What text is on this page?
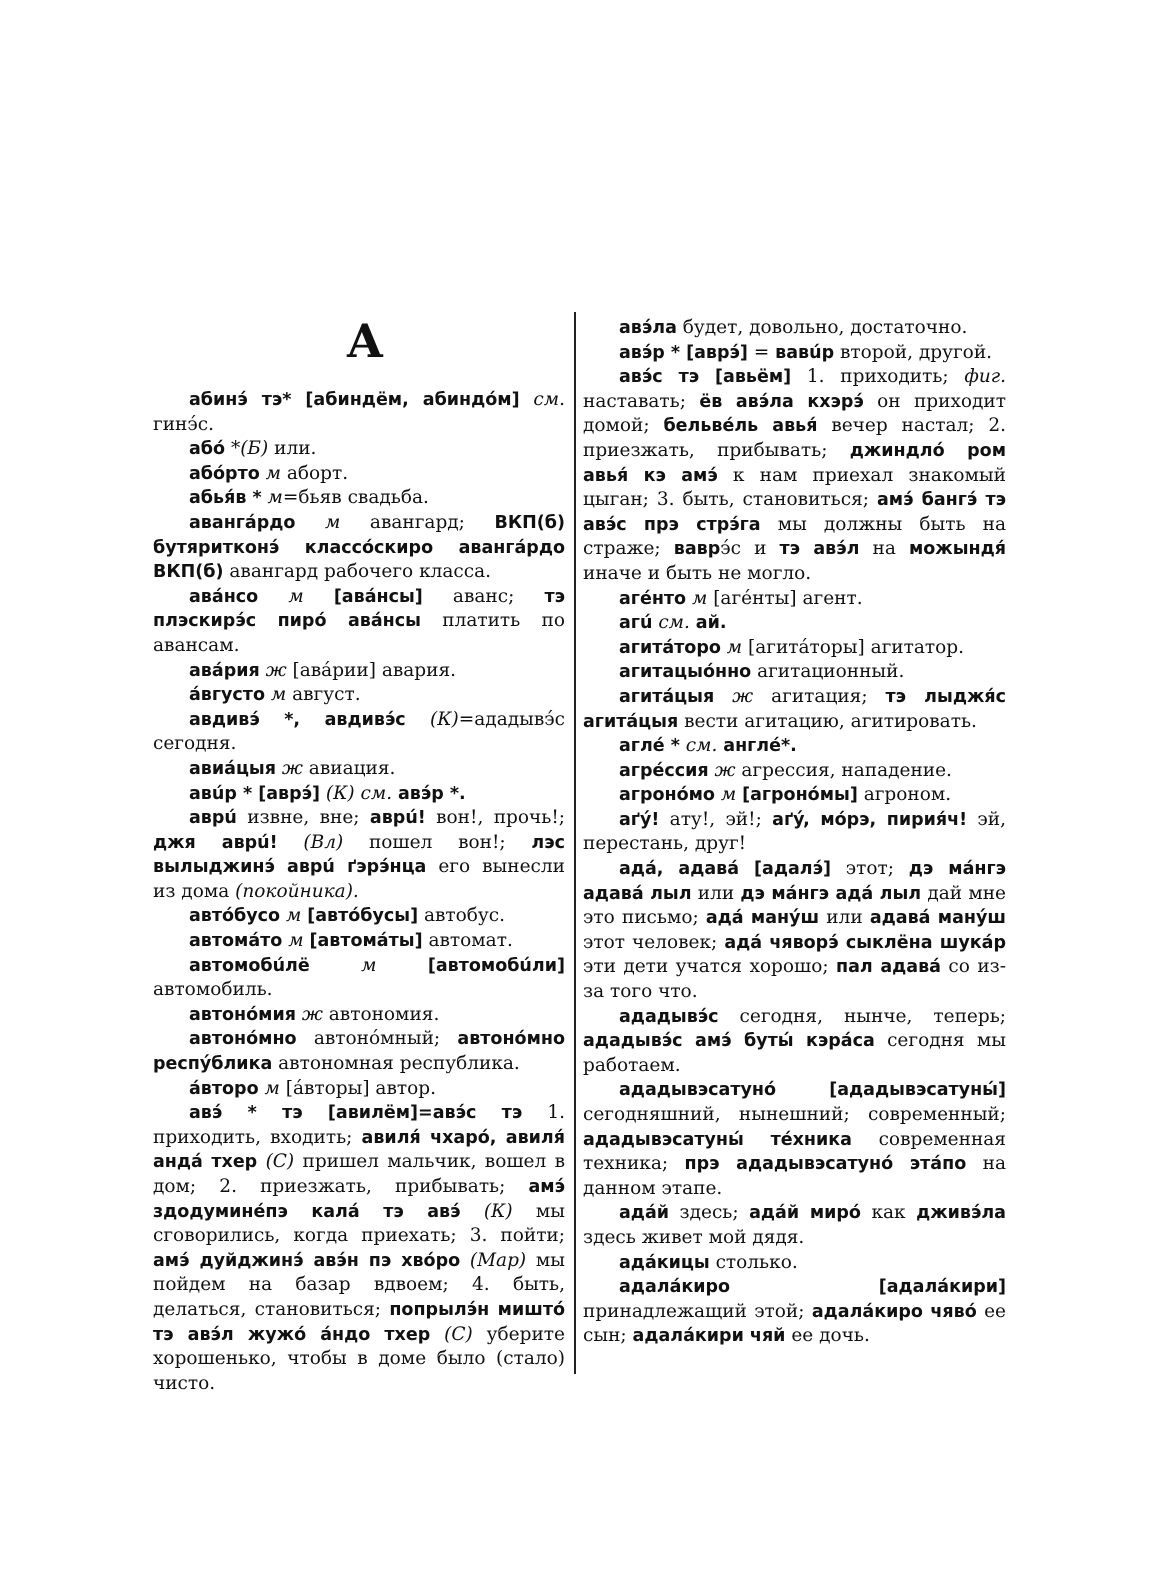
А

абинэ́ тэ* [абиндём, абиндóм] см. гинэ́с.

абó *(Б) или.

абóрто м аборт.

абья́в * м=бьяв свадьба.

авангáрдо м авангард; ВКП(б) бутяритконэ́ классóскиро авангáрдо ВКП(б) авангард рабочего класса.

авáнсо м [авáнсы] аванс; тэ плэскирэ́с пирó авáнсы платить по авансам.

авáрия ж [авáрии] авария.

áвгусто м август.

авдивэ́ *, авдивэ́с (К)=ададывэ́с сегодня.

авиáцыя ж авиация.

авúр * [аврэ́] (К) см. авэ́р *.

аврú извне, вне; аврú! вон!, прочь!; джя аврú! (Вл) пошел вон!; лэс вылыджинэ́ аврú ґэрэ́нца его вынесли из дома (покойника).

автóбусо м [автóбусы] автобус.

автомáто м [автомáты] автомат.

автомобúлё	м	[автомобúли] автомобиль.

автонóмия ж автономия.

автонóмно автонóмный; автонóмно респýблика автономная республика.

áвторо м [áвторы] автор.

авэ́ * тэ [авилём]=авэ́с тэ 1. приходить, входить; авиля́ чхарó, авиля́ андá тхер (С) пришел мальчик, вошел в дом; 2. приезжать, прибывать; амэ́ здодуминéпэ калá тэ авэ́ (К) мы сговорились, когда приехать; 3. пойти; амэ́ дуйджинэ́ авэ́н пэ хвóро (Мар) мы пойдем на базар вдвоем; 4. быть, делаться, становиться; попрылэ́н миштó тэ авэ́л жужó áндо тхер (С) уберите хорошенько, чтобы в доме было (стало) чисто.

авэ́ла будет, довольно, достаточно.

авэ́р * [аврэ́] = вавúр второй, другой.

авэ́с тэ [авьём] 1. приходить; фиг. наставать; ёв авэ́ла кхэрэ́ он приходит домой; бельвéль авья́ вечер настал; 2. приезжать, прибывать; джиндлó ром авья́ кэ амэ́ к нам приехал знакомый цыган; 3. быть, становиться; амэ́ бангэ́ тэ авэ́с прэ стрэ́га мы должны быть на страже; ваврэ́с и тэ авэ́л на можындя́ иначе и быть не могло.

агéнто м [агéнты] агент.

агú см. ай.

агитáторо м [агитáторы] агитатор.

агитацыóнно агитационный.

агитáцыя ж агитация; тэ лыджя́с агитáцыя вести агитацию, агитировать.

аглé * см. англé*.

агрéссия ж агрессия, нападение.

агронóмо м [агронóмы] агроном.

аґý! ату!, эй!; аґý, мóрэ, пирия́ч! эй, перестань, друг!

адá, адавá [адалэ́] этот; дэ мáнгэ адавá лыл или дэ мáнгэ адá лыл дай мне это письмо; адá манýш или адавá манýш этот человек; адá чяворэ́ сыклёна шукáр эти дети учатся хорошо; пал адавá со из-за того что.

ададывэ́с сегодня, нынче, теперь; ададывэ́с амэ́ буты́ кэрáса сегодня мы работаем.

ададывэсатунó [ададывэсатуны́] сегодняшний, нынешний; современный; ададывэсатуны́ тéхника современная техника; прэ ададывэсатунó этáпо на данном этапе.

адáй здесь; адáй мирó как дживэ́ла здесь живет мой дядя.

адáкицы столько.

адалáкиро [адалáкири] принадлежащий этой; адалáкиро чявó ее сын; адалáкири чяй ее дочь.
